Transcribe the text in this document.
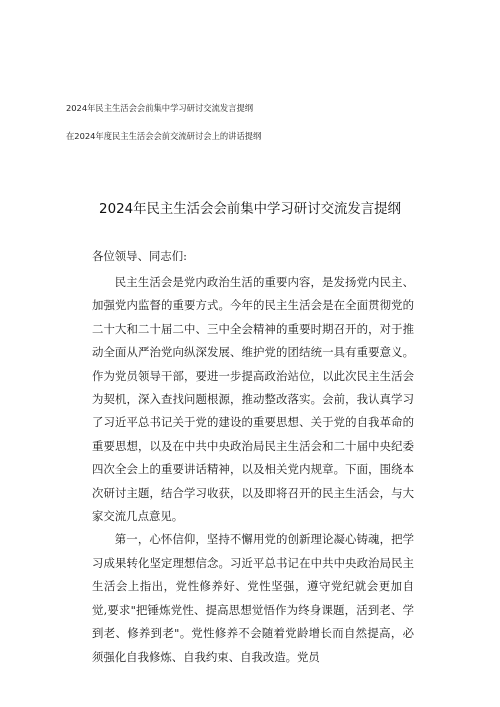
2024年民主生活会会前集中学习研讨交流发言提纲
在2024年度民主生活会会前交流研讨会上的讲话提纲
2024年民主生活会会前集中学习研讨交流发言提纲
各位领导、同志们:

民主生活会是党内政治生活的重要内容，是发扬党内民主、加强党内监督的重要方式。今年的民主生活会是在全面贯彻党的二十大和二十届二中、三中全会精神的重要时期召开的，对于推动全面从严治党向纵深发展、维护党的团结统一具有重要意义。作为党员领导干部，要进一步提高政治站位，以此次民主生活会为契机，深入查找问题根源，推动整改落实。会前，我认真学习了习近平总书记关于党的建设的重要思想、关于党的自我革命的重要思想，以及在中共中央政治局民主生活会和二十届中央纪委四次全会上的重要讲话精神，以及相关党内规章。下面，围绕本次研讨主题，结合学习收获，以及即将召开的民主生活会，与大家交流几点意见。

第一，心怀信仰，坚持不懈用党的创新理论凝心铸魂，把学习成果转化坚定理想信念。习近平总书记在中共中央政治局民主生活会上指出，党性修养好、党性坚强，遵守党纪就会更加自觉,要求"把锤炼党性、提高思想觉悟作为终身课题，活到老、学到老、修养到老"。党性修养不会随着党龄增长而自然提高，必须强化自我修炼、自我约束、自我改造。党员
